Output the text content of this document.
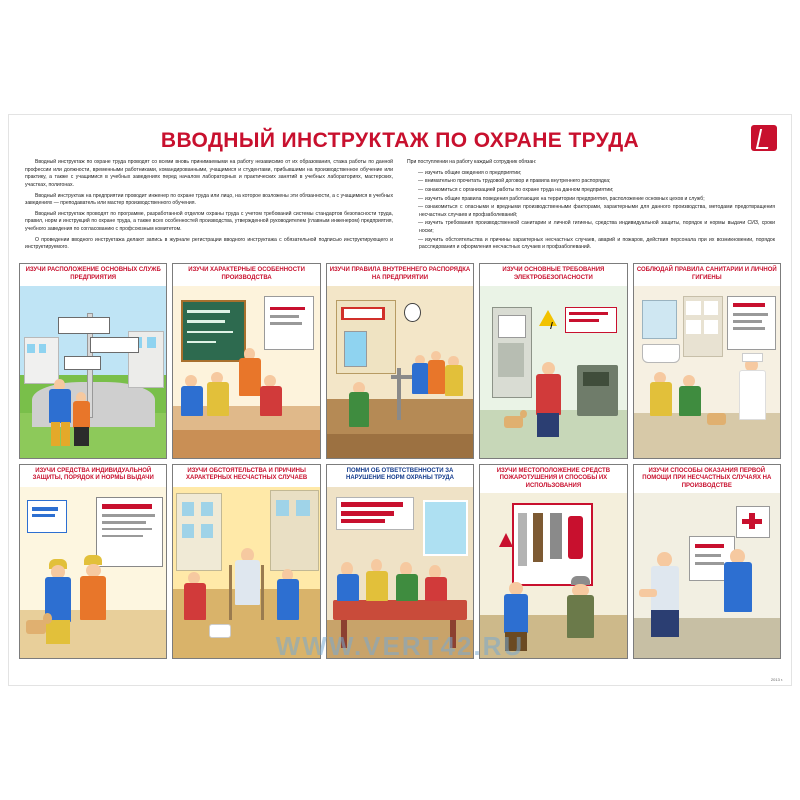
ВВОДНЫЙ ИНСТРУКТАЖ ПО ОХРАНЕ ТРУДА

Вводный инструктаж по охране труда проводят со всеми вновь принимаемыми на работу независимо от их образования, стажа работы по данной профессии или должности, временными работниками, командированными, учащимися и студентами, прибывшими на производственное обучение или практику, а также с учащимися в учебных заведениях перед началом лабораторных и практических занятий в учебных лабораториях, мастерских, участках, полигонах.

Вводный инструктаж на предприятии проводит инженер по охране труда или лицо, на которое возложены эти обязанности, а с учащимися в учебных заведениях — преподаватель или мастер производственного обучения.

Вводный инструктаж проводят по программе, разработанной отделом охраны труда с учетом требований системы стандартов безопасности труда, правил, норм и инструкций по охране труда, а также всех особенностей производства, утвержденной руководителем (главным инженером) предприятия, учебного заведения по согласованию с профсоюзным комитетом.

О проведении вводного инструктажа делают запись в журнале регистрации вводного инструктажа с обязательной подписью инструктирующего и инструктируемого.

При поступлении на работу каждый сотрудник обязан:

— изучить общие сведения о предприятии;
— внимательно прочитать трудовой договор и правила внутреннего распорядка;
— ознакомиться с организацией работы по охране труда на данном предприятии;
— изучить общие правила поведения работающих на территории предприятия, расположение основных цехов и служб;
— ознакомиться с опасными и вредными производственными факторами, характерными для данного производства, методами предотвращения несчастных случаев и профзаболеваний;
— изучить требования производственной санитарии и личной гигиены, средства индивидуальной защиты, порядок и нормы выдачи СИЗ, сроки носки;
— изучить обстоятельства и причины характерных несчастных случаев, аварий и пожаров, действия персонала при их возникновении, порядок расследования и оформления несчастных случаев и профзаболеваний.
ИЗУЧИ РАСПОЛОЖЕНИЕ ОСНОВНЫХ СЛУЖБ ПРЕДПРИЯТИЯ
ИЗУЧИ ХАРАКТЕРНЫЕ ОСОБЕННОСТИ ПРОИЗВОДСТВА
ИЗУЧИ ПРАВИЛА ВНУТРЕННЕГО РАСПОРЯДКА НА ПРЕДПРИЯТИИ
ИЗУЧИ ОСНОВНЫЕ ТРЕБОВАНИЯ ЭЛЕКТРОБЕЗОПАСНОСТИ
СОБЛЮДАЙ ПРАВИЛА САНИТАРИИ И ЛИЧНОЙ ГИГИЕНЫ
ИЗУЧИ СРЕДСТВА ИНДИВИДУАЛЬНОЙ ЗАЩИТЫ, ПОРЯДОК И НОРМЫ ВЫДАЧИ
ИЗУЧИ ОБСТОЯТЕЛЬСТВА И ПРИЧИНЫ ХАРАКТЕРНЫХ НЕСЧАСТНЫХ СЛУЧАЕВ
ПОМНИ ОБ ОТВЕТСТВЕННОСТИ ЗА НАРУШЕНИЕ НОРМ ОХРАНЫ ТРУДА
ИЗУЧИ МЕСТОПОЛОЖЕНИЕ СРЕДСТВ ПОЖАРОТУШЕНИЯ И СПОСОБЫ ИХ ИСПОЛЬЗОВАНИЯ
ИЗУЧИ СПОСОБЫ ОКАЗАНИЯ ПЕРВОЙ ПОМОЩИ ПРИ НЕСЧАСТНЫХ СЛУЧАЯХ НА ПРОИЗВОДСТВЕ
WWW.VERT42.RU
2013 г.
